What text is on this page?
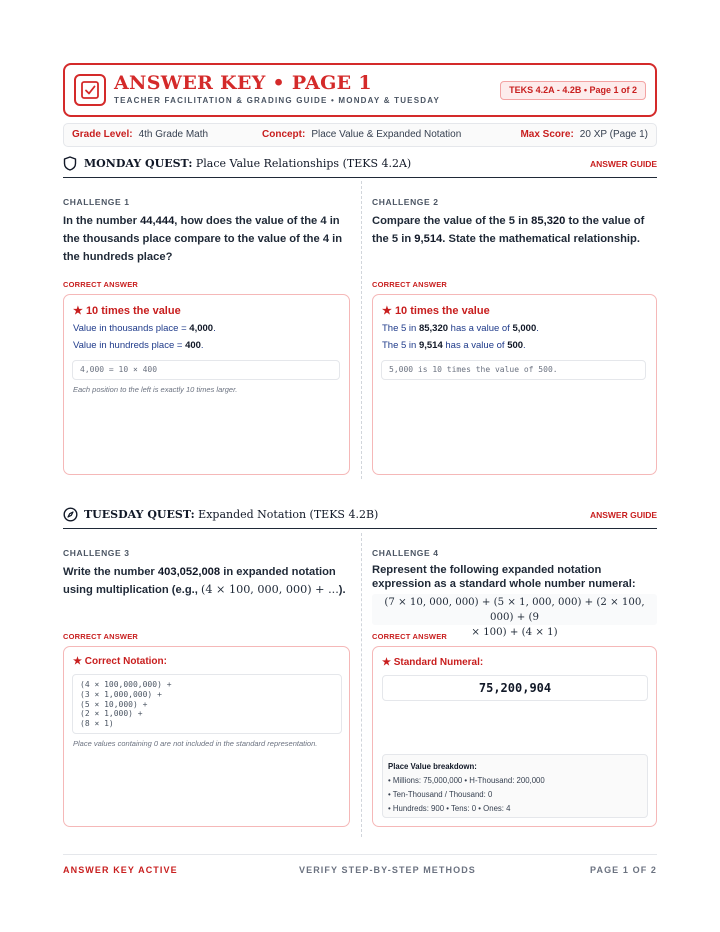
ANSWER KEY • PAGE 1
TEACHER FACILITATION & GRADING GUIDE • MONDAY & TUESDAY
TEKS 4.2A - 4.2B • Page 1 of 2
Grade Level: 4th Grade Math	Concept: Place Value & Expanded Notation	Max Score: 20 XP (Page 1)
MONDAY QUEST: Place Value Relationships (TEKS 4.2A)	ANSWER GUIDE
CHALLENGE 1
In the number 44,444, how does the value of the 4 in the thousands place compare to the value of the 4 in the hundreds place?
CORRECT ANSWER
★ 10 times the value
Value in thousands place = 4,000.
Value in hundreds place = 400.
4,000 = 10 × 400
Each position to the left is exactly 10 times larger.
CHALLENGE 2
Compare the value of the 5 in 85,320 to the value of the 5 in 9,514. State the mathematical relationship.
CORRECT ANSWER
★ 10 times the value
The 5 in 85,320 has a value of 5,000.
The 5 in 9,514 has a value of 500.
5,000 is 10 times the value of 500.
TUESDAY QUEST: Expanded Notation (TEKS 4.2B)	ANSWER GUIDE
CHALLENGE 3
Write the number 403,052,008 in expanded notation using multiplication (e.g., (4 × 100, 000, 000) + ...).
CORRECT ANSWER
★ Correct Notation:
(4 × 100,000,000) +
(3 × 1,000,000) +
(5 × 10,000) +
(2 × 1,000) +
(8 × 1)
Place values containing 0 are not included in the standard representation.
CHALLENGE 4
Represent the following expanded notation expression as a standard whole number numeral:
(7 × 10, 000, 000) + (5 × 1, 000, 000) + (2 × 100, 000) + (9
× 100) + (4 × 1)
CORRECT ANSWER
★ Standard Numeral:
75,200,904
Place Value breakdown:
• Millions: 75,000,000 • H-Thousand: 200,000
• Ten-Thousand / Thousand: 0
• Hundreds: 900 • Tens: 0 • Ones: 4
ANSWER KEY ACTIVE	VERIFY STEP-BY-STEP METHODS	PAGE 1 OF 2
